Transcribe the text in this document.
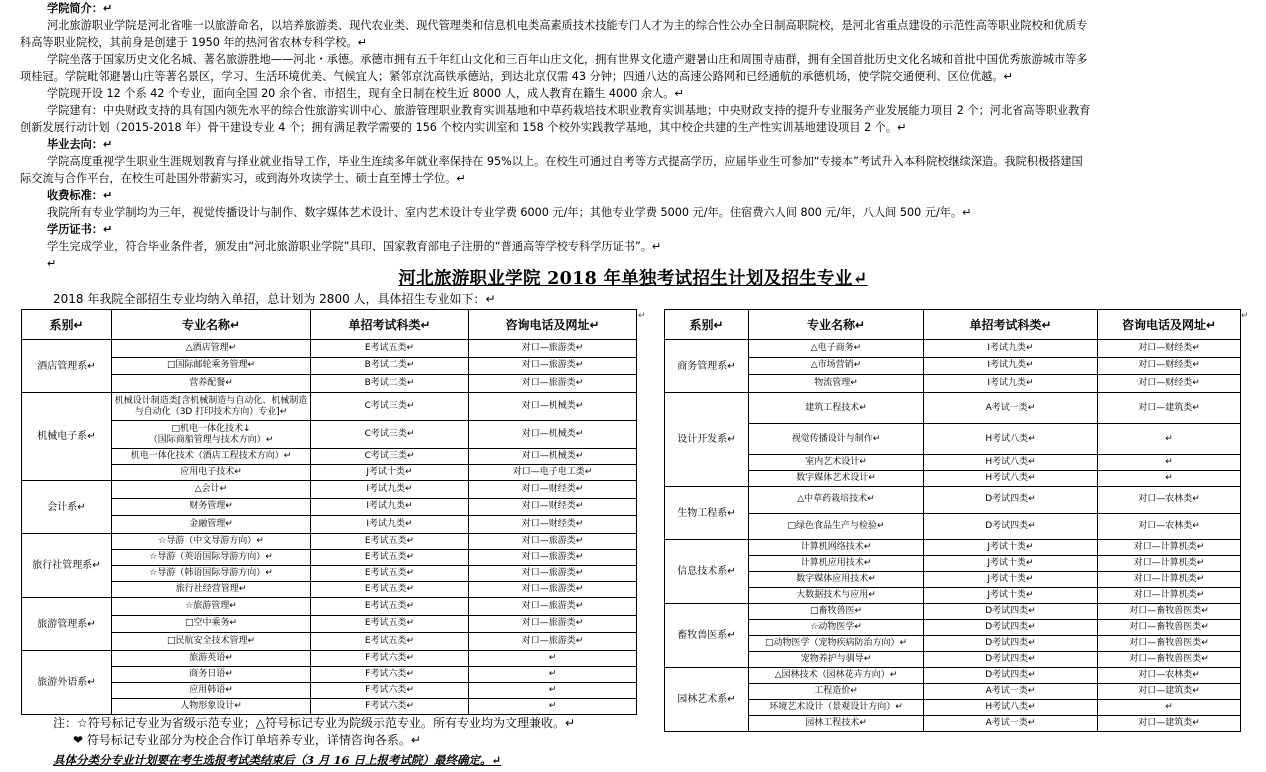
学院简介：↵

河北旅游职业学院是河北省唯一以旅游命名，以培养旅游类、现代农业类、现代管理类和信息机电类高素质技术技能专门人才为主的综合性公办全日制高职院校，是河北省重点建设的示范性高等职业院校和优质专

科高等职业院校，其前身是创建于 1950 年的热河省农林专科学校。↵

学院坐落于国家历史文化名城、著名旅游胜地——河北・承德。承德市拥有五千年红山文化和三百年山庄文化，拥有世界文化遗产避暑山庄和周围寺庙群，拥有全国首批历史文化名城和首批中国优秀旅游城市等多

项桂冠。学院毗邻避暑山庄等著名景区，学习、生活环境优美、气候宜人；紧邻京沈高铁承德站，到达北京仅需 43 分钟；四通八达的高速公路网和已经通航的承德机场，使学院交通便利、区位优越。↵

学院现开设 12 个系 42 个专业，面向全国 20 余个省、市招生，现有全日制在校生近 8000 人，成人教育在籍生 4000 余人。↵

学院建有：中央财政支持的具有国内领先水平的综合性旅游实训中心、旅游管理职业教育实训基地和中草药栽培技术职业教育实训基地；中央财政支持的提升专业服务产业发展能力项目 2 个；河北省高等职业教育

创新发展行动计划（2015-2018 年）骨干建设专业 4 个；拥有满足教学需要的 156 个校内实训室和 158 个校外实践教学基地，其中校企共建的生产性实训基地建设项目 2 个。↵

毕业去向：↵

学院高度重视学生职业生涯规划教育与择业就业指导工作，毕业生连续多年就业率保持在 95%以上。在校生可通过自考等方式提高学历，应届毕业生可参加“专接本”考试升入本科院校继续深造。我院积极搭建国

际交流与合作平台，在校生可赴国外带薪实习，或到海外攻读学士、硕士直至博士学位。↵

收费标准：↵

我院所有专业学制均为三年，视觉传播设计与制作、数字媒体艺术设计、室内艺术设计专业学费 6000 元/年；其他专业学费 5000 元/年。住宿费六人间 800 元/年，八人间 500 元/年。↵

学历证书：↵

学生完成学业，符合毕业条件者，颁发由“河北旅游职业学院”具印、国家教育部电子注册的“普通高等学校专科学历证书”。↵

↵

河北旅游职业学院 2018 年单独考试招生计划及招生专业↵
2018 年我院全部招生专业均纳入单招，总计划为 2800 人，具体招生专业如下：↵
系别↵	专业名称↵	单招考试科类↵	咨询电话及网址↵	
酒店管理系↵	△酒店管理↵	E考试五类↵	对口—旅游类↵	
	□国际邮轮乘务管理↵	B考试二类↵	对口—旅游类↵	
	营养配餐↵	B考试二类↵	对口—旅游类↵	
机械电子系↵	机械设计制造类[含机械制造与自动化、机械制造与自动化（3D 打印技术方向）专业]↵	C考试三类↵	对口—机械类↵	
	□机电一体化技术↓
（国际商船管理与技术方向）↵	C考试三类↵	对口—机械类↵	
	机电一体化技术（酒店工程技术方向）↵	C考试三类↵	对口—机械类↵	
	应用电子技术↵	J考试十类↵	对口—电子电工类↵	
会计系↵	△会计↵	I考试九类↵	对口—财经类↵	
	财务管理↵	I考试九类↵	对口—财经类↵	
	金融管理↵	I考试九类↵	对口—财经类↵	
旅行社管理系↵	☆导游（中文导游方向）↵	E考试五类↵	对口—旅游类↵	
	☆导游（英语国际导游方向）↵	E考试五类↵	对口—旅游类↵	
	☆导游（韩语国际导游方向）↵	E考试五类↵	对口—旅游类↵	
	旅行社经营管理↵	E考试五类↵	对口—旅游类↵	
旅游管理系↵	☆旅游管理↵	E考试五类↵	对口—旅游类↵	
	□空中乘务↵	E考试五类↵	对口—旅游类↵	
	□民航安全技术管理↵	E考试五类↵	对口—旅游类↵	
旅游外语系↵	旅游英语↵	F考试六类↵	↵	
	商务日语↵	F考试六类↵	↵	
	应用韩语↵	F考试六类↵	↵	
	人物形象设计↵	F考试六类↵	↵	
↵
系别↵	专业名称↵	单招考试科类↵	咨询电话及网址↵	
商务管理系↵	△电子商务↵	I考试九类↵	对口—财经类↵	
	△市场营销↵	I考试九类↵	对口—财经类↵	
	物流管理↵	I考试九类↵	对口—财经类↵	
设计开发系↵	建筑工程技术↵	A考试一类↵	对口—建筑类↵	
	视觉传播设计与制作↵	H考试八类↵	↵	
	室内艺术设计↵	H考试八类↵	↵	
	数字媒体艺术设计↵	H考试八类↵	↵	
生物工程系↵	△中草药栽培技术↵	D考试四类↵	对口—农林类↵	
	□绿色食品生产与检验↵	D考试四类↵	对口—农林类↵	
信息技术系↵	计算机网络技术↵	J考试十类↵	对口—计算机类↵	
	计算机应用技术↵	J考试十类↵	对口—计算机类↵	
	数字媒体应用技术↵	J考试十类↵	对口—计算机类↵	
	大数据技术与应用↵	J考试十类↵	对口—计算机类↵	
畜牧兽医系↵	□畜牧兽医↵	D考试四类↵	对口—畜牧兽医类↵	
	☆动物医学↵	D考试四类↵	对口—畜牧兽医类↵	
	□动物医学（宠物疾病防治方向）↵	D考试四类↵	对口—畜牧兽医类↵	
	宠物养护与驯导↵	D考试四类↵	对口—畜牧兽医类↵	
园林艺术系↵	△园林技术（园林花卉方向）↵	D考试四类↵	对口—农林类↵	
	工程造价↵	A考试一类↵	对口—建筑类↵	
	环境艺术设计（景观设计方向）↵	H考试八类↵	↵	
	园林工程技术↵	A考试一类↵	对口—建筑类↵	
↵

注：☆符号标记专业为省级示范专业；△符号标记专业为院级示范专业。所有专业均为文理兼收。↵

❤ 符号标记专业部分为校企合作订单培养专业，详情咨询各系。↵

具体分类分专业计划要在考生选报考试类结束后（3 月 16 日上报考试院）最终确定。↵
